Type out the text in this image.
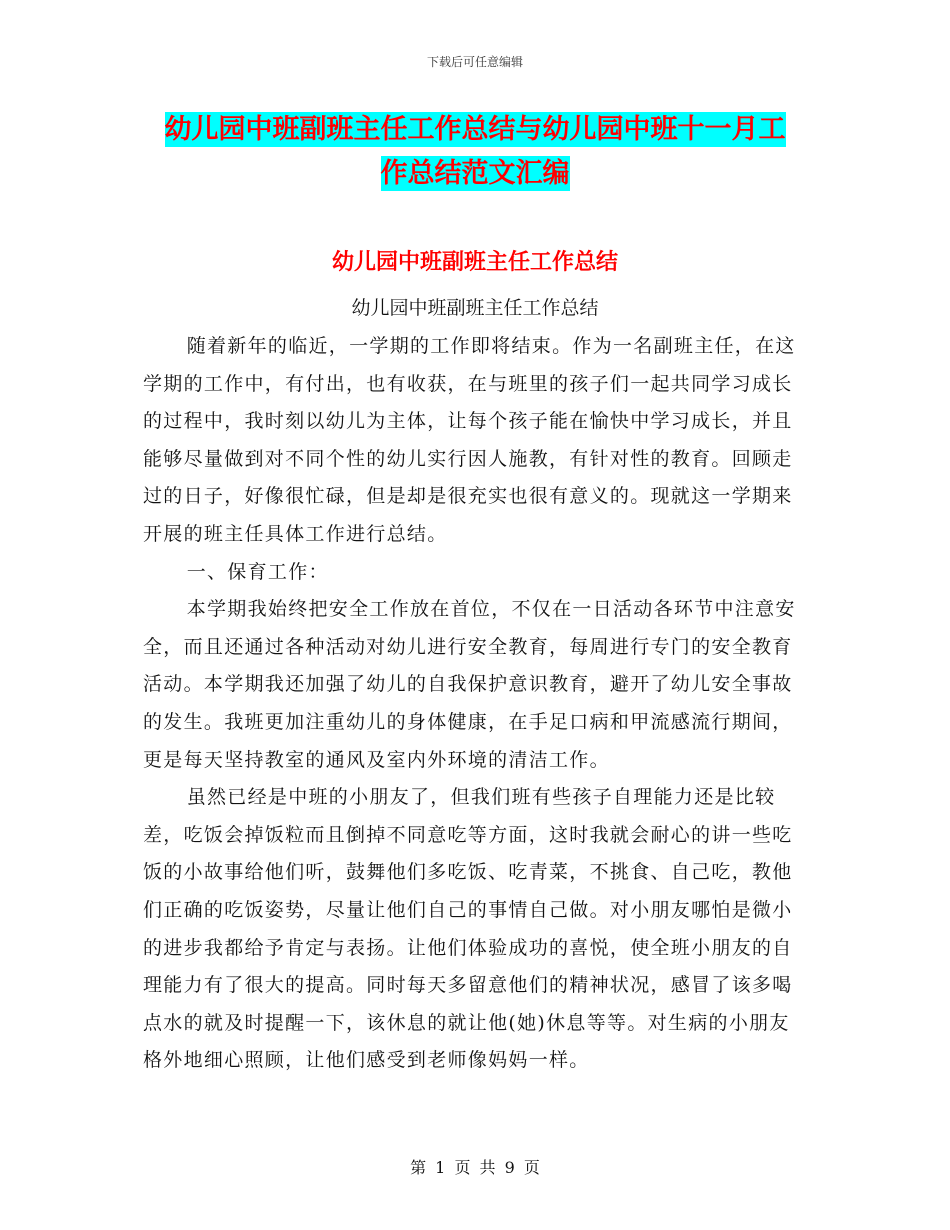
下载后可任意编辑
幼儿园中班副班主任工作总结与幼儿园中班十一月工
作总结范文汇编
幼儿园中班副班主任工作总结
幼儿园中班副班主任工作总结

随着新年的临近，一学期的工作即将结束。作为一名副班主任，在这学期的工作中，有付出，也有收获，在与班里的孩子们一起共同学习成长的过程中，我时刻以幼儿为主体，让每个孩子能在愉快中学习成长，并且能够尽量做到对不同个性的幼儿实行因人施教，有针对性的教育。回顾走过的日子，好像很忙碌，但是却是很充实也很有意义的。现就这一学期来开展的班主任具体工作进行总结。

一、保育工作：

本学期我始终把安全工作放在首位，不仅在一日活动各环节中注意安全，而且还通过各种活动对幼儿进行安全教育，每周进行专门的安全教育活动。本学期我还加强了幼儿的自我保护意识教育，避开了幼儿安全事故的发生。我班更加注重幼儿的身体健康，在手足口病和甲流感流行期间，更是每天坚持教室的通风及室内外环境的清洁工作。

虽然已经是中班的小朋友了，但我们班有些孩子自理能力还是比较差，吃饭会掉饭粒而且倒掉不同意吃等方面，这时我就会耐心的讲一些吃饭的小故事给他们听，鼓舞他们多吃饭、吃青菜，不挑食、自己吃，教他们正确的吃饭姿势，尽量让他们自己的事情自己做。对小朋友哪怕是微小的进步我都给予肯定与表扬。让他们体验成功的喜悦，使全班小朋友的自理能力有了很大的提高。同时每天多留意他们的精神状况，感冒了该多喝点水的就及时提醒一下，该休息的就让他(她)休息等等。对生病的小朋友格外地细心照顾，让他们感受到老师像妈妈一样。

第 1 页 共 9 页
